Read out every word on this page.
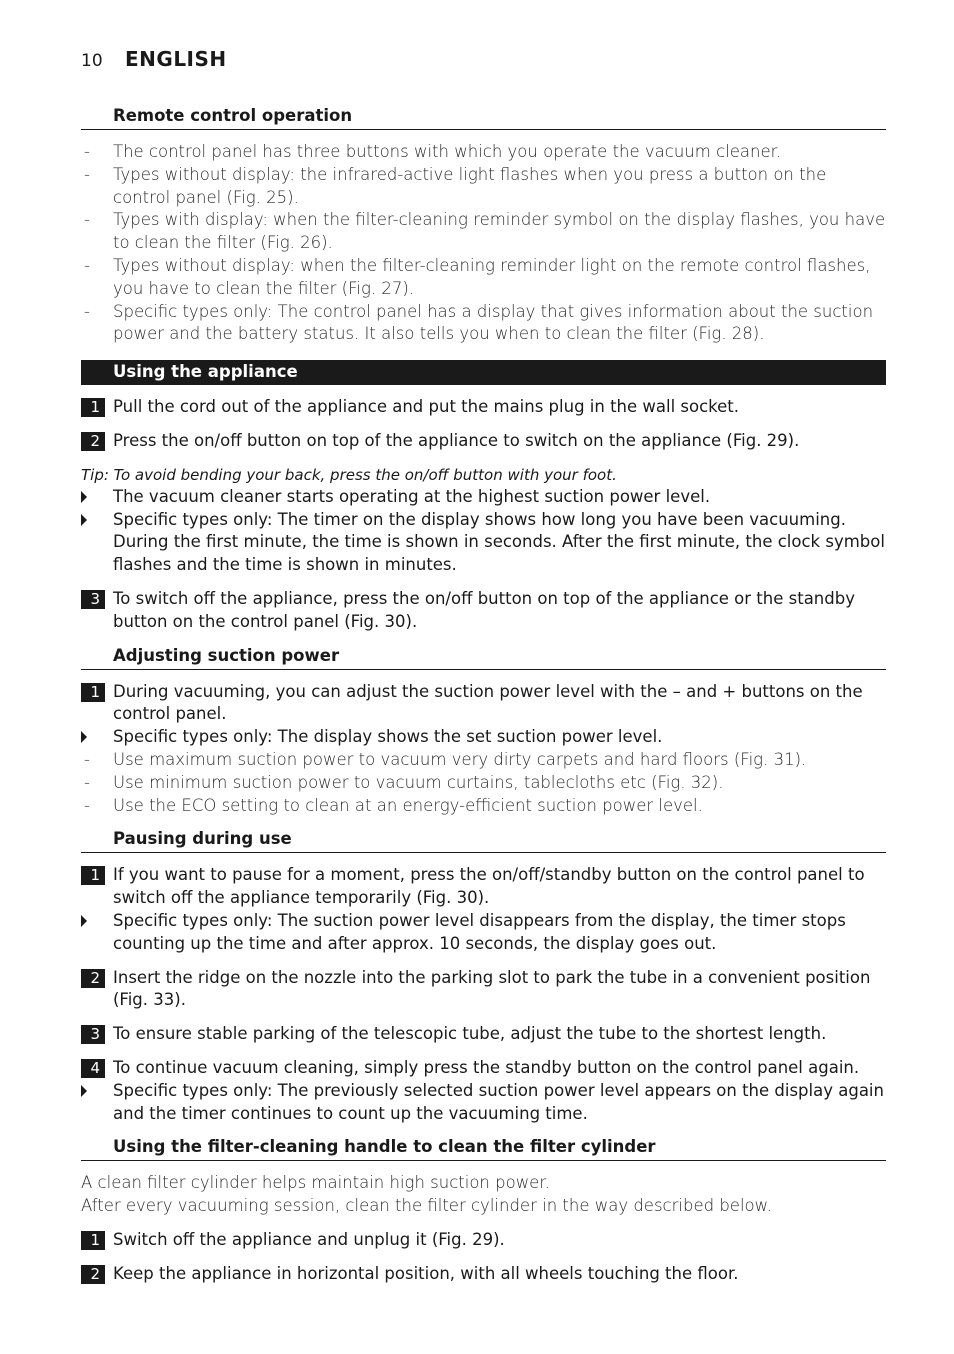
10 ENGLISH
Remote control operation
-	The control panel has three buttons with which you operate the vacuum cleaner.
-	Types without display: the infrared-active light flashes when you press a button on the control panel (Fig. 25).
-	Types with display: when the filter-cleaning reminder symbol on the display flashes, you have to clean the filter (Fig. 26).
-	Types without display: when the filter-cleaning reminder light on the remote control flashes, you have to clean the filter (Fig. 27).
-	Specific types only: The control panel has a display that gives information about the suction power and the battery status. It also tells you when to clean the filter (Fig. 28).
Using the appliance
1 Pull the cord out of the appliance and put the mains plug in the wall socket.
2 Press the on/off button on top of the appliance to switch on the appliance (Fig. 29).
Tip: To avoid bending your back, press the on/off button with your foot.
The vacuum cleaner starts operating at the highest suction power level.
Specific types only: The timer on the display shows how long you have been vacuuming. During the first minute, the time is shown in seconds. After the first minute, the clock symbol flashes and the time is shown in minutes.
3 To switch off the appliance, press the on/off button on top of the appliance or the standby button on the control panel (Fig. 30).
Adjusting suction power
1 During vacuuming, you can adjust the suction power level with the – and + buttons on the control panel.
Specific types only: The display shows the set suction power level.
-	Use maximum suction power to vacuum very dirty carpets and hard floors (Fig. 31).
-	Use minimum suction power to vacuum curtains, tablecloths etc (Fig. 32).
-	Use the ECO setting to clean at an energy-efficient suction power level.
Pausing during use
1 If you want to pause for a moment, press the on/off/standby button on the control panel to switch off the appliance temporarily (Fig. 30).
Specific types only: The suction power level disappears from the display, the timer stops counting up the time and after approx. 10 seconds, the display goes out.
2 Insert the ridge on the nozzle into the parking slot to park the tube in a convenient position (Fig. 33).
3 To ensure stable parking of the telescopic tube, adjust the tube to the shortest length.
4 To continue vacuum cleaning, simply press the standby button on the control panel again.
Specific types only: The previously selected suction power level appears on the display again and the timer continues to count up the vacuuming time.
Using the filter-cleaning handle to clean the filter cylinder
A clean filter cylinder helps maintain high suction power.
After every vacuuming session, clean the filter cylinder in the way described below.
1 Switch off the appliance and unplug it (Fig. 29).
2 Keep the appliance in horizontal position, with all wheels touching the floor.
